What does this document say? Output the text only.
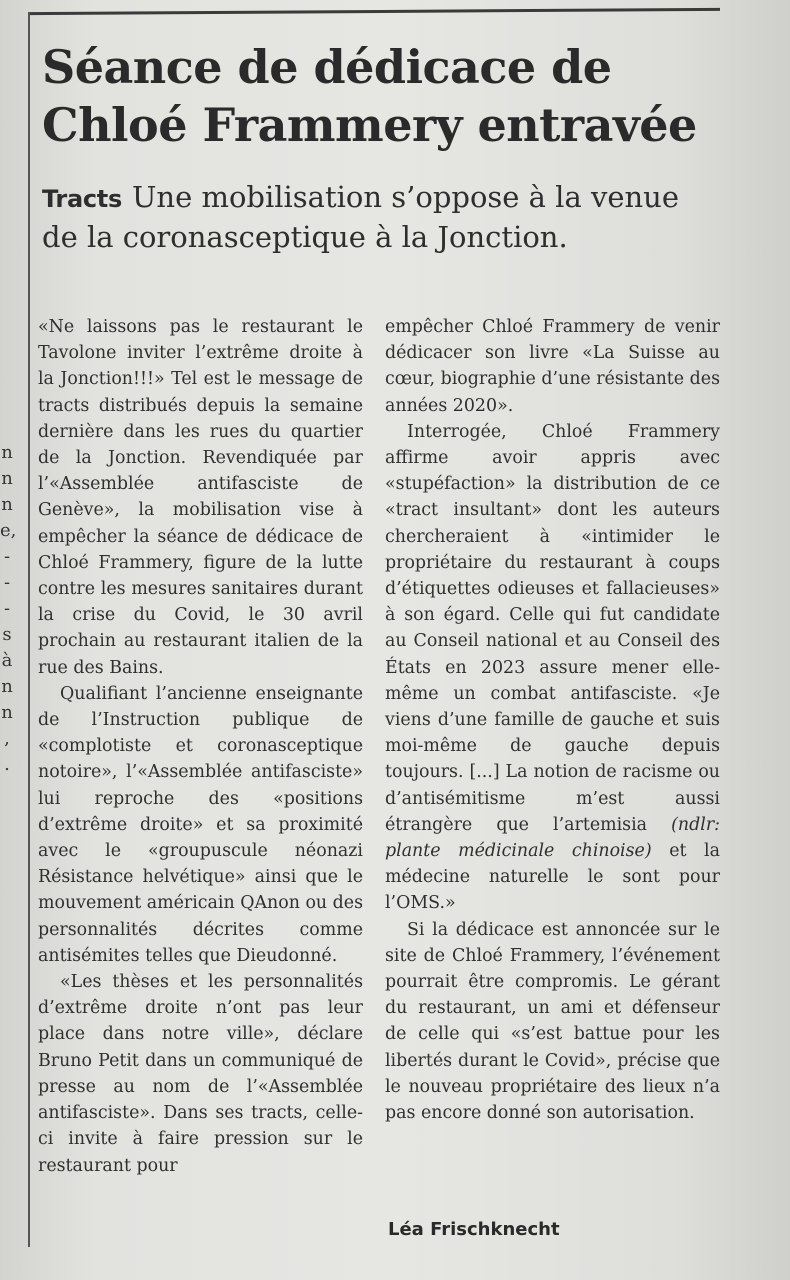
n
n
n
e,
-
-
-
s
à
n
n
,
.
Séance de dédicace de Chloé Frammery entravée
Tracts Une mobilisation s’oppose à la venue de la coronasceptique à la Jonction.

«Ne laissons pas le restaurant le Tavolone inviter l’extrême droite à la Jonction!!!» Tel est le message de tracts distribués depuis la semaine dernière dans les rues du quartier de la Jonction. Revendiquée par l’«Assemblée antifasciste de Genève», la mobilisation vise à empêcher la séance de dédicace de Chloé Frammery, figure de la lutte contre les mesures sanitaires durant la crise du Covid, le 30 avril prochain au restaurant italien de la rue des Bains.

Qualifiant l’ancienne enseignante de l’Instruction publique de «complotiste et coronasceptique notoire», l’«Assemblée antifasciste» lui reproche des «positions d’extrême droite» et sa proximité avec le «groupuscule néonazi Résistance helvétique» ainsi que le mouvement américain QAnon ou des personnalités décrites comme antisémites telles que Dieudonné.

«Les thèses et les personnalités d’extrême droite n’ont pas leur place dans notre ville», déclare Bruno Petit dans un communiqué de presse au nom de l’«Assemblée antifasciste». Dans ses tracts, celle-ci invite à faire pression sur le restaurant pour

empêcher Chloé Frammery de venir dédicacer son livre «La Suisse au cœur, biographie d’une résistante des années 2020».

Interrogée, Chloé Frammery affirme avoir appris avec «stupéfaction» la distribution de ce «tract insultant» dont les auteurs chercheraient à «intimider le propriétaire du restaurant à coups d’étiquettes odieuses et fallacieuses» à son égard. Celle qui fut candidate au Conseil national et au Conseil des États en 2023 assure mener elle-même un combat antifasciste. «Je viens d’une famille de gauche et suis moi-même de gauche depuis toujours. [...] La notion de racisme ou d’antisémitisme m’est aussi étrangère que l’artemisia (ndlr: plante médicinale chinoise) et la médecine naturelle le sont pour l’OMS.»

Si la dédicace est annoncée sur le site de Chloé Frammery, l’événement pourrait être compromis. Le gérant du restaurant, un ami et défenseur de celle qui «s’est battue pour les libertés durant le Covid», précise que le nouveau propriétaire des lieux n’a pas encore donné son autorisation.

Léa Frischknecht
